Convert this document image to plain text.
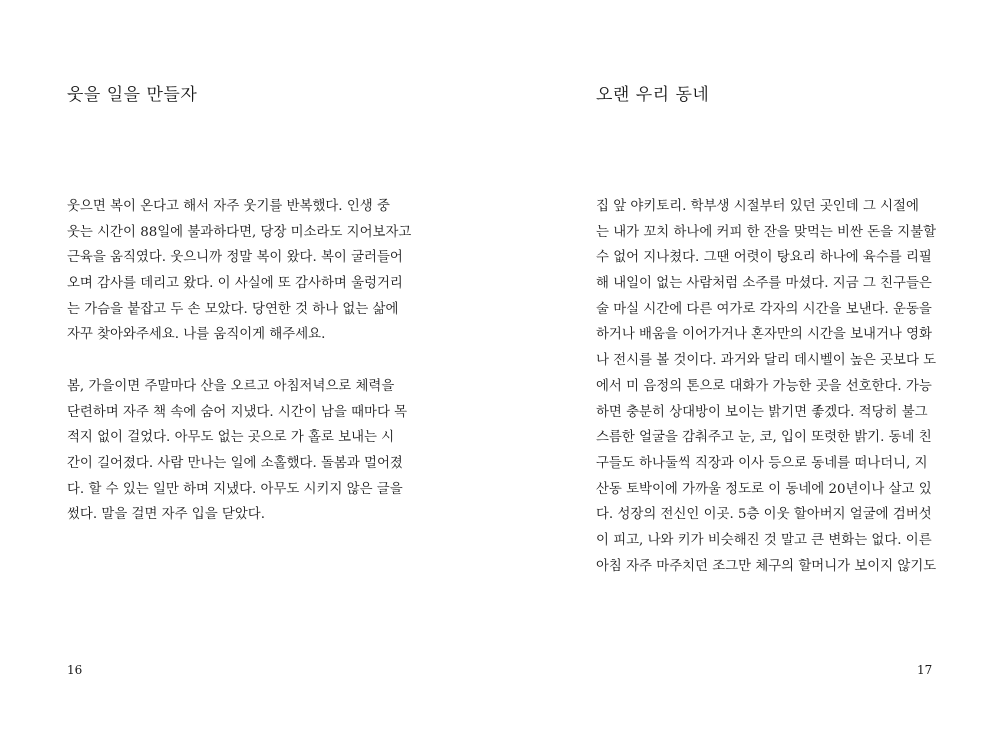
웃을 일을 만들자
웃으면 복이 온다고 해서 자주 웃기를 반복했다. 인생 중
웃는 시간이 88일에 불과하다면, 당장 미소라도 지어보자고
근육을 움직였다. 웃으니까 정말 복이 왔다. 복이 굴러들어
오며 감사를 데리고 왔다. 이 사실에 또 감사하며 울렁거리
는 가슴을 붙잡고 두 손 모았다. 당연한 것 하나 없는 삶에
자꾸 찾아와주세요. 나를 움직이게 해주세요.
봄, 가을이면 주말마다 산을 오르고 아침저녁으로 체력을
단련하며 자주 책 속에 숨어 지냈다. 시간이 남을 때마다 목
적지 없이 걸었다. 아무도 없는 곳으로 가 홀로 보내는 시
간이 길어졌다. 사람 만나는 일에 소홀했다. 돌봄과 멀어졌
다. 할 수 있는 일만 하며 지냈다. 아무도 시키지 않은 글을
썼다. 말을 걸면 자주 입을 닫았다.
16
오랜 우리 동네
집 앞 야키토리. 학부생 시절부터 있던 곳인데 그 시절에
는 내가 꼬치 하나에 커피 한 잔을 맞먹는 비싼 돈을 지불할
수 없어 지나쳤다. 그땐 어렷이 탕요리 하나에 육수를 리필
해 내일이 없는 사람처럼 소주를 마셨다. 지금 그 친구들은
술 마실 시간에 다른 여가로 각자의 시간을 보낸다. 운동을
하거나 배움을 이어가거나 혼자만의 시간을 보내거나 영화
나 전시를 볼 것이다. 과거와 달리 데시벨이 높은 곳보다 도
에서 미 음정의 톤으로 대화가 가능한 곳을 선호한다. 가능
하면 충분히 상대방이 보이는 밝기면 좋겠다. 적당히 불그
스름한 얼굴을 감춰주고 눈, 코, 입이 또렷한 밝기. 동네 친
구들도 하나둘씩 직장과 이사 등으로 동네를 떠나더니, 지
산동 토박이에 가까울 정도로 이 동네에 20년이나 살고 있
다. 성장의 전신인 이곳. 5층 이웃 할아버지 얼굴에 검버섯
이 피고, 나와 키가 비슷해진 것 말고 큰 변화는 없다. 이른
아침 자주 마주치던 조그만 체구의 할머니가 보이지 않기도
17
